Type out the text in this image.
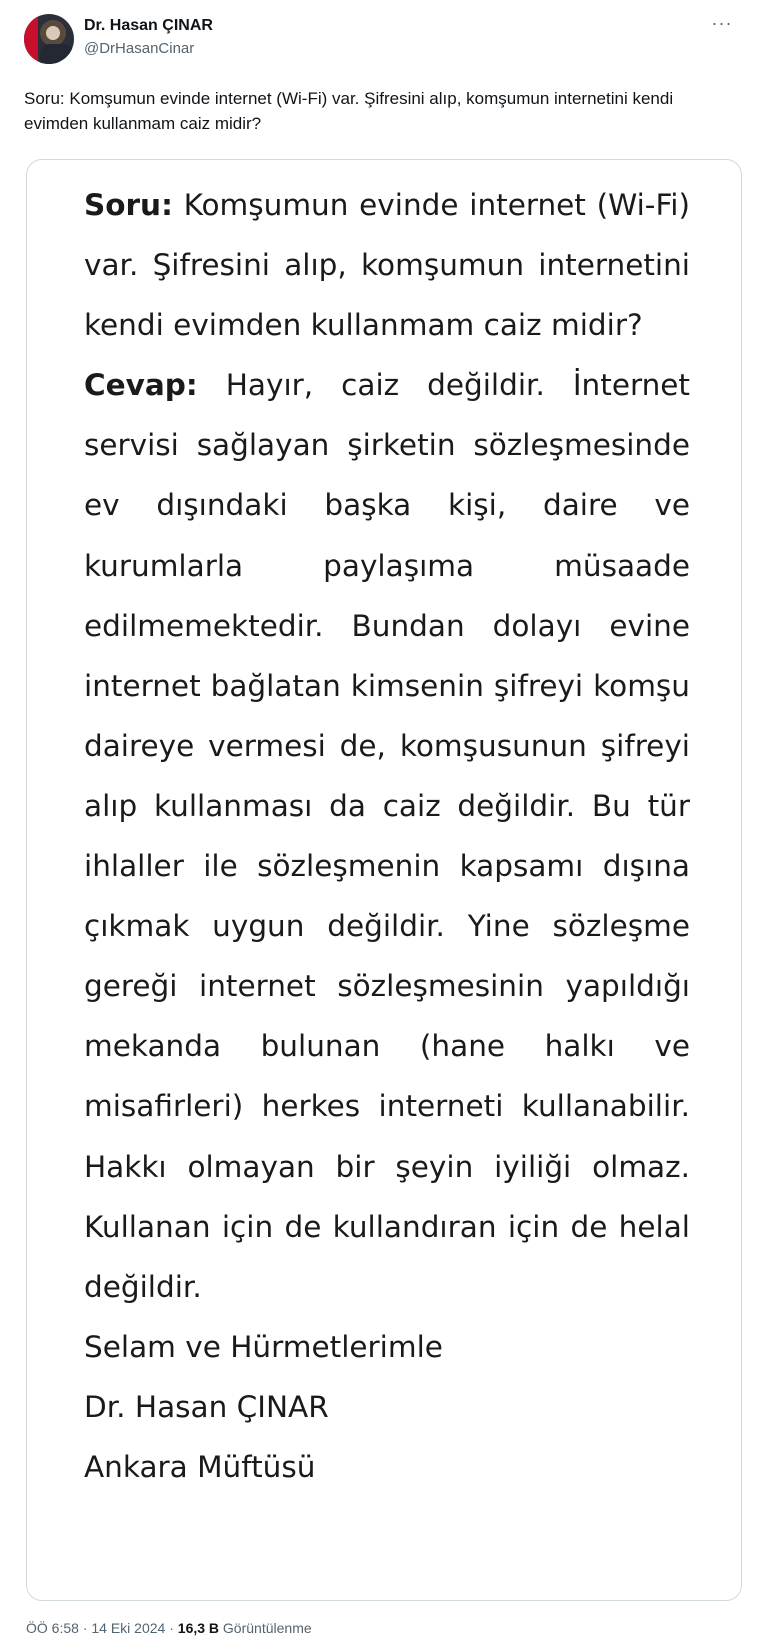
Dr. Hasan ÇINAR
@DrHasanCinar
···
Soru: Komşumun evinde internet (Wi-Fi) var. Şifresini alıp, komşumun internetini kendi evimden kullanmam caiz midir?

Soru: Komşumun evinde internet (Wi-Fi) var. Şifresini alıp, komşumun internetini kendi evimden kullanmam caiz midir?

Cevap: Hayır, caiz değildir. İnternet servisi sağlayan şirketin sözleşmesinde ev dışındaki başka kişi, daire ve kurumlarla paylaşıma müsaade edilmemektedir. Bundan dolayı evine internet bağlatan kimsenin şifreyi komşu daireye vermesi de, komşusunun şifreyi alıp kullanması da caiz değildir. Bu tür ihlaller ile sözleşmenin kapsamı dışına çıkmak uygun değildir. Yine sözleşme gereği internet sözleşmesinin yapıldığı mekanda bulunan (hane halkı ve misafirleri) herkes interneti kullanabilir. Hakkı olmayan bir şeyin iyiliği olmaz. Kullanan için de kullandıran için de helal değildir.

Selam ve Hürmetlerimle

Dr. Hasan ÇINAR

Ankara Müftüsü

ÖÖ 6:58 · 14 Eki 2024 · 16,3 B Görüntülenme
